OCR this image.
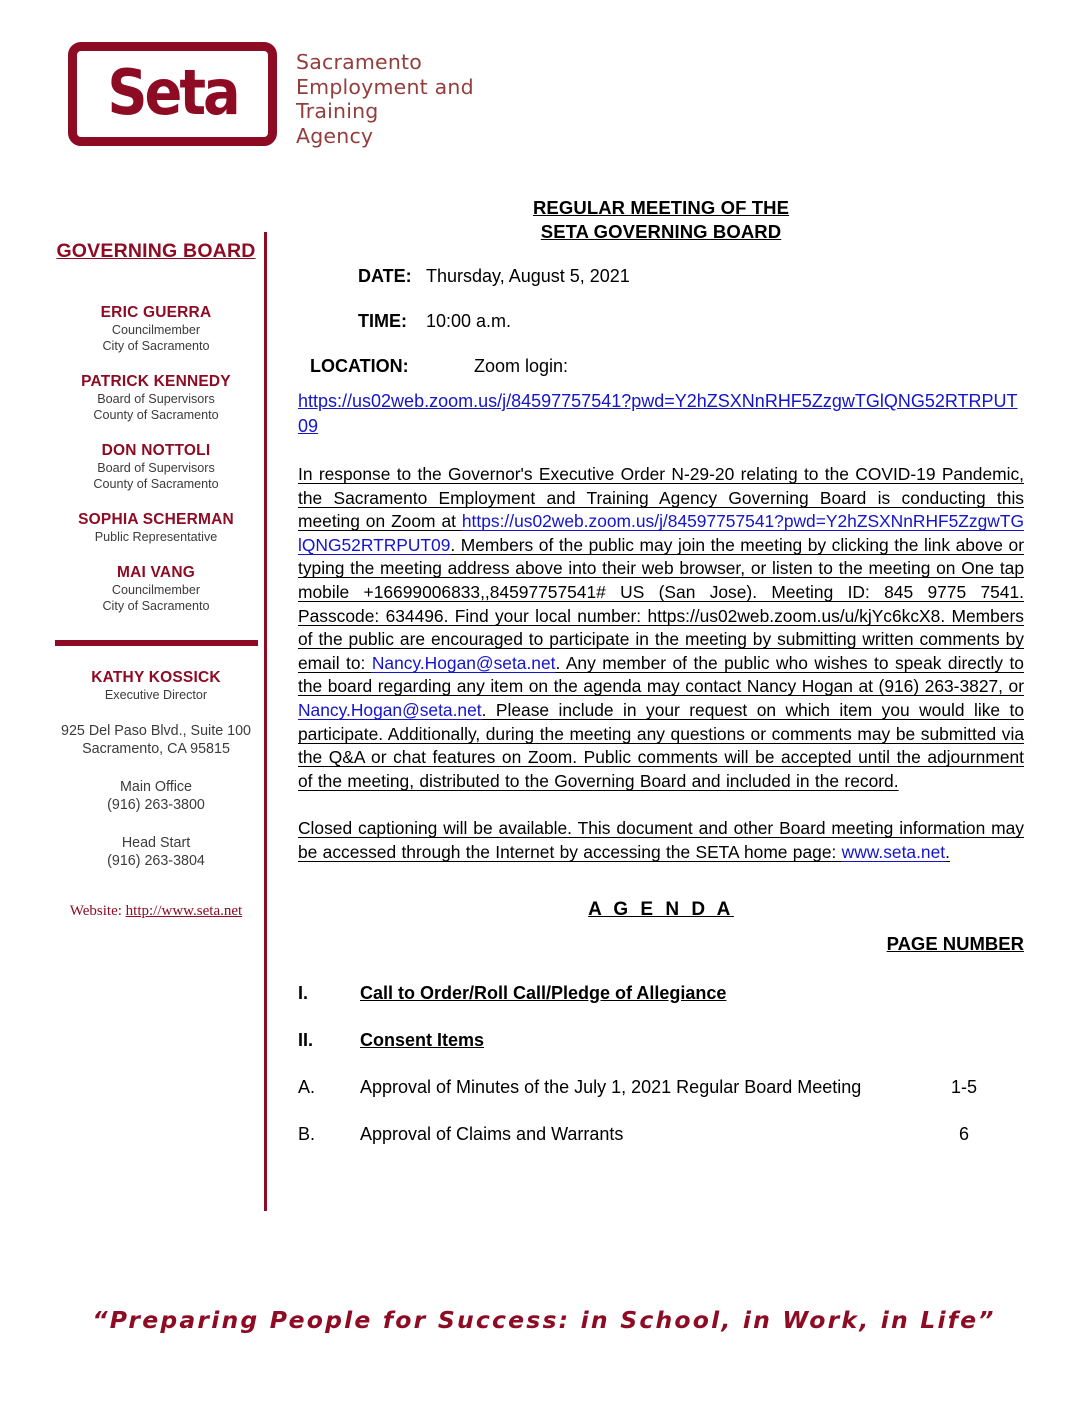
Seta	Sacramento
Employment and
Training
Agency
GOVERNING BOARD
ERIC GUERRA
Councilmember
City of Sacramento
PATRICK KENNEDY
Board of Supervisors
County of Sacramento
DON NOTTOLI
Board of Supervisors
County of Sacramento
SOPHIA SCHERMAN
Public Representative
MAI VANG
Councilmember
City of Sacramento
KATHY KOSSICK
Executive Director
925 Del Paso Blvd., Suite 100
Sacramento, CA 95815
Main Office
(916) 263-3800
Head Start
(916) 263-3804
Website: http://www.seta.net
REGULAR MEETING OF THE
SETA GOVERNING BOARD
DATE: Thursday, August 5, 2021
TIME:	10:00 a.m.
LOCATION:	Zoom login:
https://us02web.zoom.us/j/84597757541?pwd=Y2hZSXNnRHF5ZzgwTGlQNG52RTRPUT09
In response to the Governor's Executive Order N-29-20 relating to the COVID-19 Pandemic, the Sacramento Employment and Training Agency Governing Board is conducting this meeting on Zoom at https://us02web.zoom.us/j/84597757541?pwd=Y2hZSXNnRHF5ZzgwTGlQNG52RTRPUT09. Members of the public may join the meeting by clicking the link above or typing the meeting address above into their web browser, or listen to the meeting on One tap mobile +16699006833,,84597757541# US (San Jose). Meeting ID: 845 9775 7541. Passcode: 634496. Find your local number: https://us02web.zoom.us/u/kjYc6kcX8. Members of the public are encouraged to participate in the meeting by submitting written comments by email to: Nancy.Hogan@seta.net. Any member of the public who wishes to speak directly to the board regarding any item on the agenda may contact Nancy Hogan at (916) 263-3827, or Nancy.Hogan@seta.net. Please include in your request on which item you would like to participate. Additionally, during the meeting any questions or comments may be submitted via the Q&A or chat features on Zoom. Public comments will be accepted until the adjournment of the meeting, distributed to the Governing Board and included in the record.
Closed captioning will be available. This document and other Board meeting information may be accessed through the Internet by accessing the SETA home page: www.seta.net.
A G E N D A
PAGE NUMBER
I.	Call to Order/Roll Call/Pledge of Allegiance
II.	Consent Items
A.	Approval of Minutes of the July 1, 2021 Regular Board Meeting	1-5
B.	Approval of Claims and Warrants	6
“Preparing People for Success: in School, in Work, in Life”
